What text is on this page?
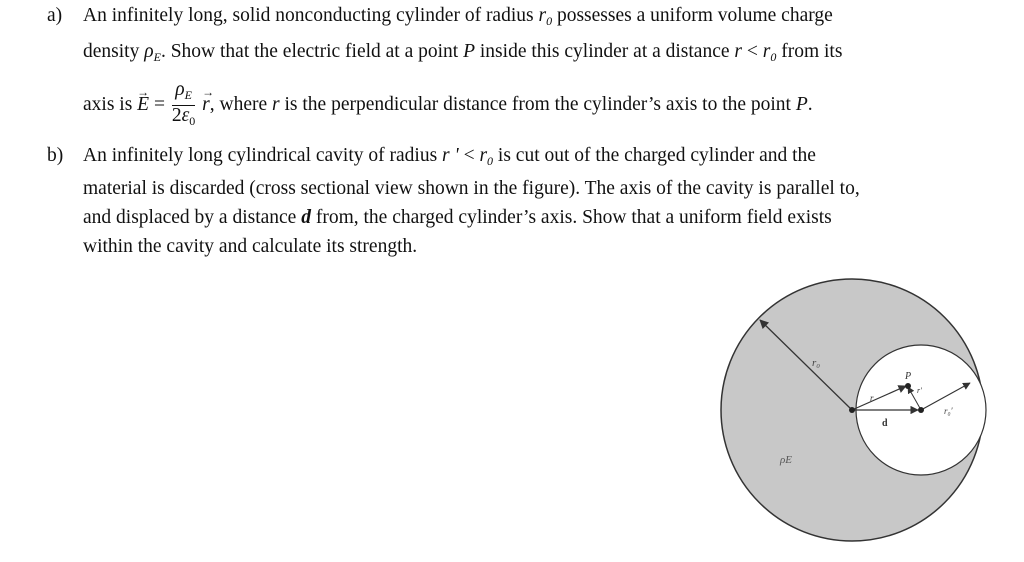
a) An infinitely long, solid nonconducting cylinder of radius $r_0$ possesses a uniform volume charge
density $\rho_E$. Show that the electric field at a point P inside this cylinder at a distance $r < r_0$ from its
axis is → $E = \frac{\rho_E}{2\varepsilon_0}$
→ r, where r is the perpendicular distance from the cylinder’s axis to the point P.
b) An infinitely long cylindrical cavity of radius r ' < $r_0$ is cut out of the charged cylinder and the
material is discarded (cross sectional view shown in the figure). The axis of the cavity is parallel to,
and displaced by a distance d from, the charged cylinder’s axis. Show that a uniform field exists
within the cavity and calculate its strength.
r₀
P
r
r′
d
r₀′
ρE
